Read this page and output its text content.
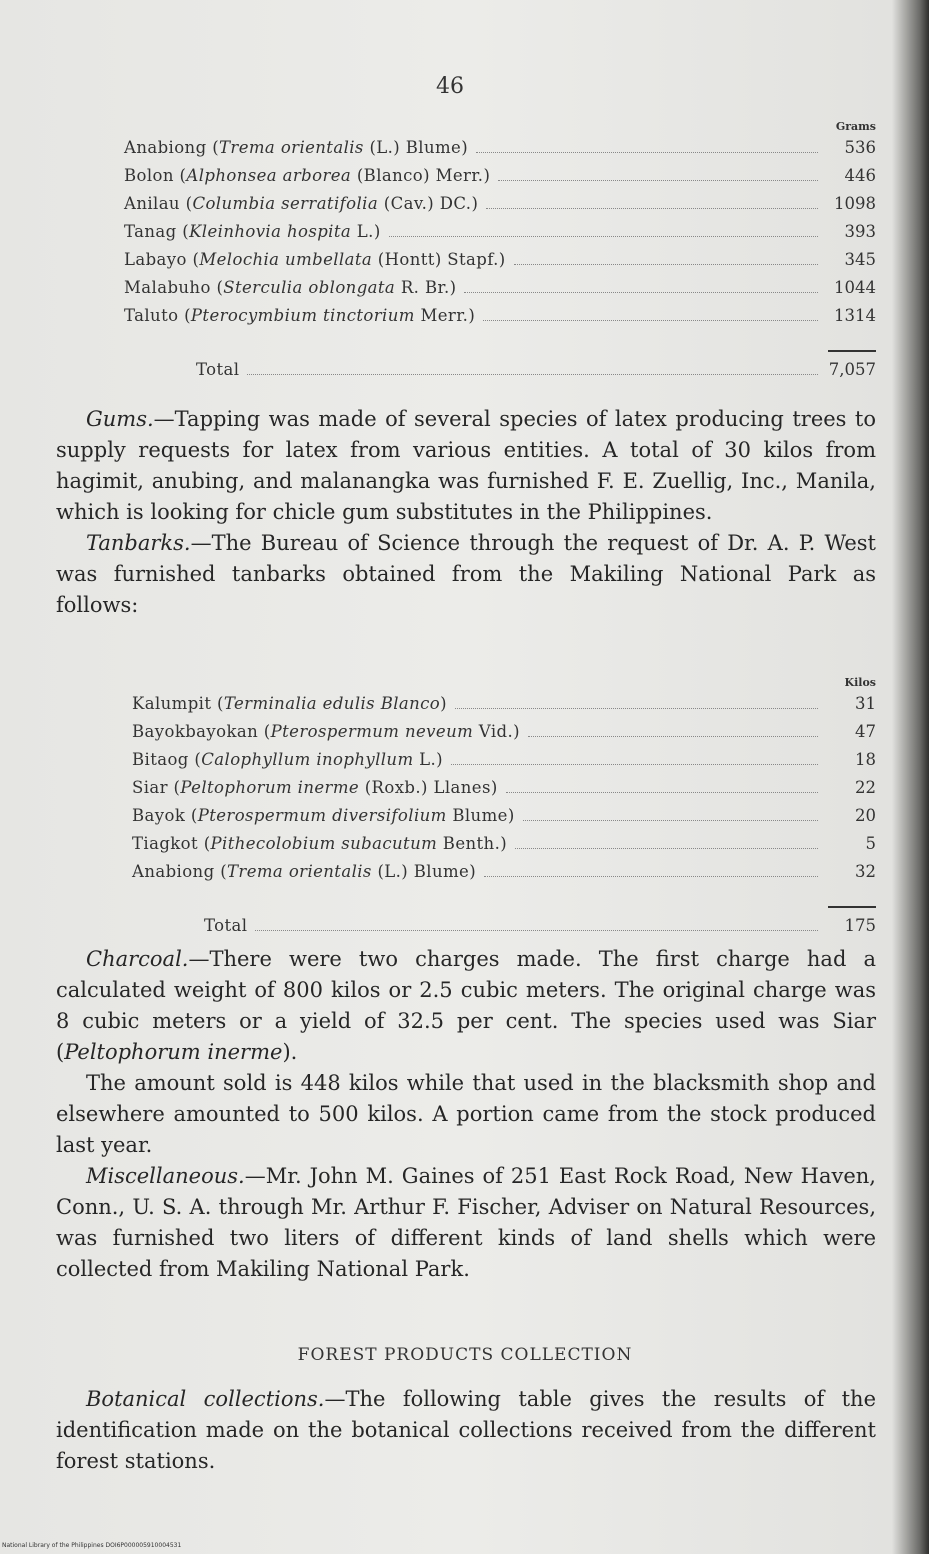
46
Grams
Anabiong (Trema orientalis (L.) Blume)	536
Bolon (Alphonsea arborea (Blanco) Merr.)	446
Anilau (Columbia serratifolia (Cav.) DC.)	1098
Tanag (Kleinhovia hospita L.)	393
Labayo (Melochia umbellata (Hontt) Stapf.)	345
Malabuho (Sterculia oblongata R. Br.)	1044
Taluto (Pterocymbium tinctorium Merr.)	1314
Total	7,057

Gums.—Tapping was made of several species of latex producing trees to supply requests for latex from various entities. A total of 30 kilos from hagimit, anubing, and malanangka was furnished F. E. Zuellig, Inc., Manila, which is looking for chicle gum substitutes in the Philippines.

Tanbarks.—The Bureau of Science through the request of Dr. A. P. West was furnished tanbarks obtained from the Makiling National Park as follows:

Kilos
Kalumpit (Terminalia edulis Blanco)	31
Bayokbayokan (Pterospermum neveum Vid.)	47
Bitaog (Calophyllum inophyllum L.)	18
Siar (Peltophorum inerme (Roxb.) Llanes)	22
Bayok (Pterospermum diversifolium Blume)	20
Tiagkot (Pithecolobium subacutum Benth.)	5
Anabiong (Trema orientalis (L.) Blume)	32
Total	175

Charcoal.—There were two charges made. The first charge had a calculated weight of 800 kilos or 2.5 cubic meters. The original charge was 8 cubic meters or a yield of 32.5 per cent. The species used was Siar (Peltophorum inerme).

The amount sold is 448 kilos while that used in the blacksmith shop and elsewhere amounted to 500 kilos. A portion came from the stock produced last year.

Miscellaneous.—Mr. John M. Gaines of 251 East Rock Road, New Haven, Conn., U. S. A. through Mr. Arthur F. Fischer, Adviser on Natural Resources, was furnished two liters of different kinds of land shells which were collected from Makiling National Park.

FOREST PRODUCTS COLLECTION

Botanical collections.—The following table gives the results of the identification made on the botanical collections received from the different forest stations.

National Library of the Philippines DOI6P000005910004531
